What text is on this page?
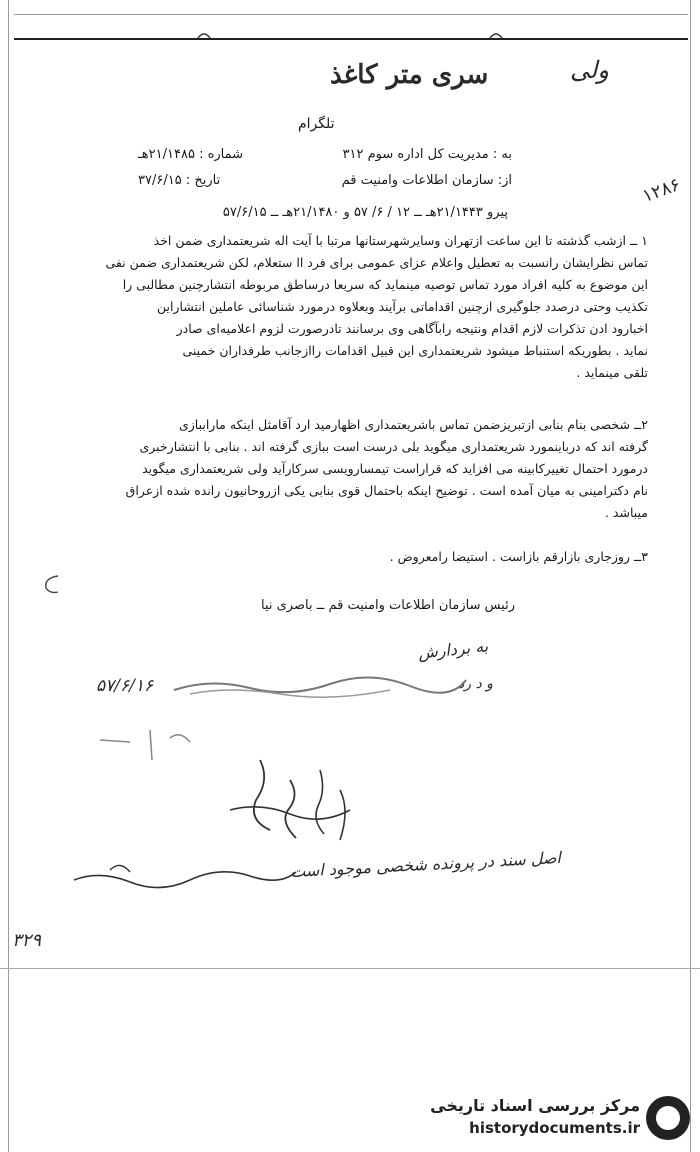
سری متر کاغذ	ولی
تلگرام
به : مدیریت کل اداره سوم ۳۱۲
از: سازمان اطلاعات وامنیت قم
شماره : ۲۱/۱۴۸۵هـ
تاریخ : ۳۷/۶/۱۵	۱۲۸۶
پیرو ۲۱/۱۴۴۳هـ ــ ۱۲ / ۶/ ۵۷ و ۲۱/۱۴۸۰هـ ــ ۵۷/۶/۱۵
۱ ــ ازشب گذشته تا این ساعت ازتهران وسایرشهرستانها مرتبا با آیت اله شریعتمدارى ضمن اخذ
تماس نظرایشان رانسبت به تعطیل واعلام عزای عمومی برای فرد اا ستعلام، لکن شریعتمداری ضمن نفی
این موضوع به کلیه افراد مورد تماس توصیه مینماید که سریعا درساطق مربوطه انتشارچنین مطالبی را
تکذیب وحتی درصدد جلوگیری ازچنین اقداماتی برآیند وبعلاوه درمورد شناسائی عاملین انتشاراین
اخبارود ادن تذکرات لازم اقدام ونتیجه رابآگاهی وی برسانند تادرصورت لزوم اعلامیه‌ای صادر
نماید . بطوریکه استنباط میشود شریعتمداری این قبیل اقدامات راازجانب طرفداران خمینی
تلقی مینماید .
۲ــ شخصی بنام بنابی ازتبریزضمن تماس باشریعتمداری اظهارمید ارد آقامثل اینکه ماراببازی
گرفته اند که درباینمورد شریعتمداری میگوید بلی درست است ببازی گرفته اند . بنابی با انتشارخبری
درمورد احتمال تغییرکابینه می افزاید که قراراست تیمسارویسی سرکارآید ولی شریعتمداری میگوید
نام دکترامینی به میان آمده است . توضیح اینکه باحتمال قوی بنابی یکی ازروحانیون رانده شده ازعراق
میباشد .
۳ــ روزجاری بازارقم بازاست . استیضا رامعروض .
رئیس سازمان اطلاعات وامنیت قم ــ باصری نیا
به بردارش
و د رد
۵۷/۶/۱۶
اصل سند در پرونده شخصی موجود است
۳۲۹
مرکز بررسی اسناد تاریخی
historydocuments.ir
